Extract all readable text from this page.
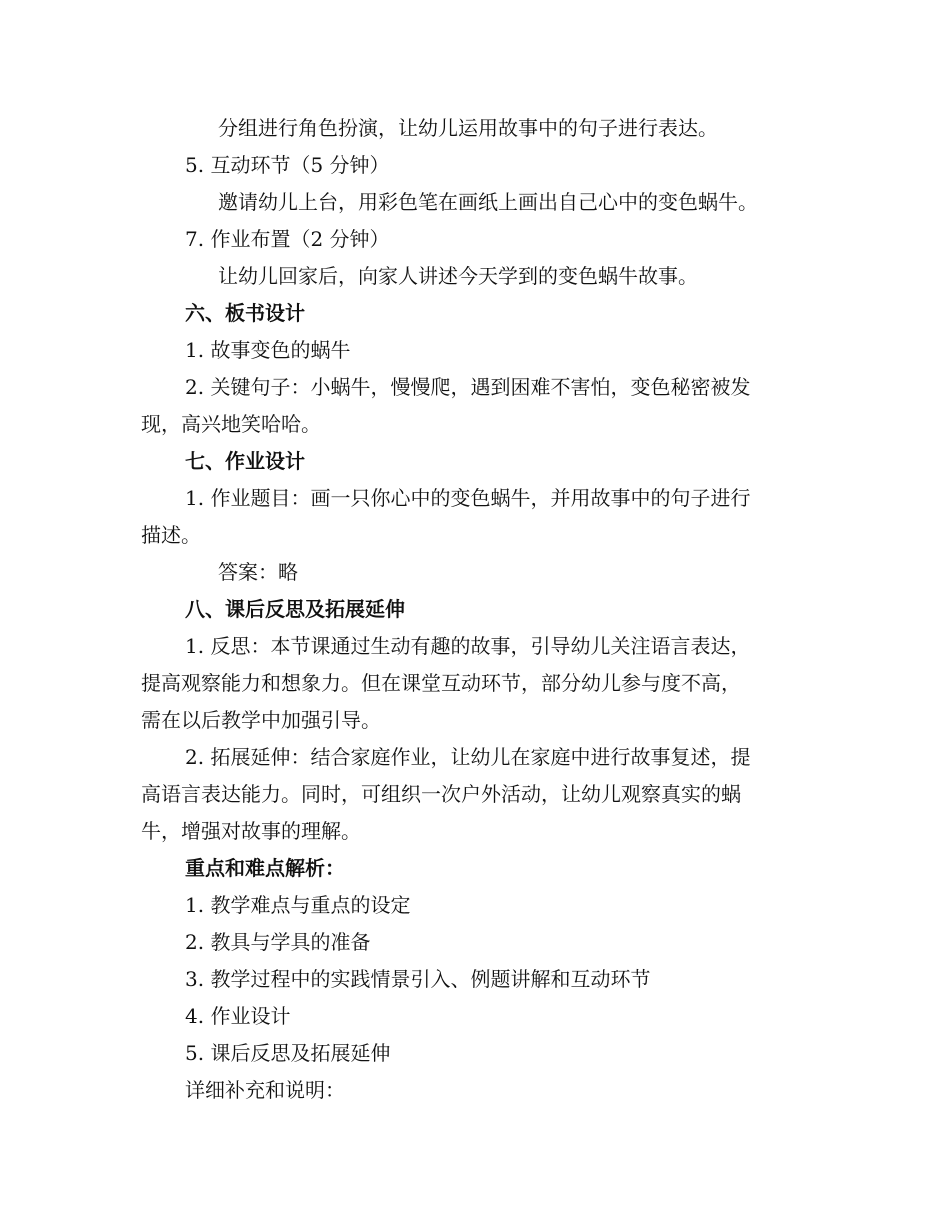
分组进行角色扮演，让幼儿运用故事中的句子进行表达。
5. 互动环节（5 分钟）
邀请幼儿上台，用彩色笔在画纸上画出自己心中的变色蜗牛。
7. 作业布置（2 分钟）
让幼儿回家后，向家人讲述今天学到的变色蜗牛故事。
六、板书设计
1. 故事变色的蜗牛
2. 关键句子：小蜗牛，慢慢爬，遇到困难不害怕，变色秘密被发
现，高兴地笑哈哈。
七、作业设计
1. 作业题目：画一只你心中的变色蜗牛，并用故事中的句子进行
描述。
答案：略
八、课后反思及拓展延伸
1. 反思：本节课通过生动有趣的故事，引导幼儿关注语言表达，
提高观察能力和想象力。但在课堂互动环节，部分幼儿参与度不高，
需在以后教学中加强引导。
2. 拓展延伸：结合家庭作业，让幼儿在家庭中进行故事复述，提
高语言表达能力。同时，可组织一次户外活动，让幼儿观察真实的蜗
牛，增强对故事的理解。
重点和难点解析：
1. 教学难点与重点的设定
2. 教具与学具的准备
3. 教学过程中的实践情景引入、例题讲解和互动环节
4. 作业设计
5. 课后反思及拓展延伸
详细补充和说明：
